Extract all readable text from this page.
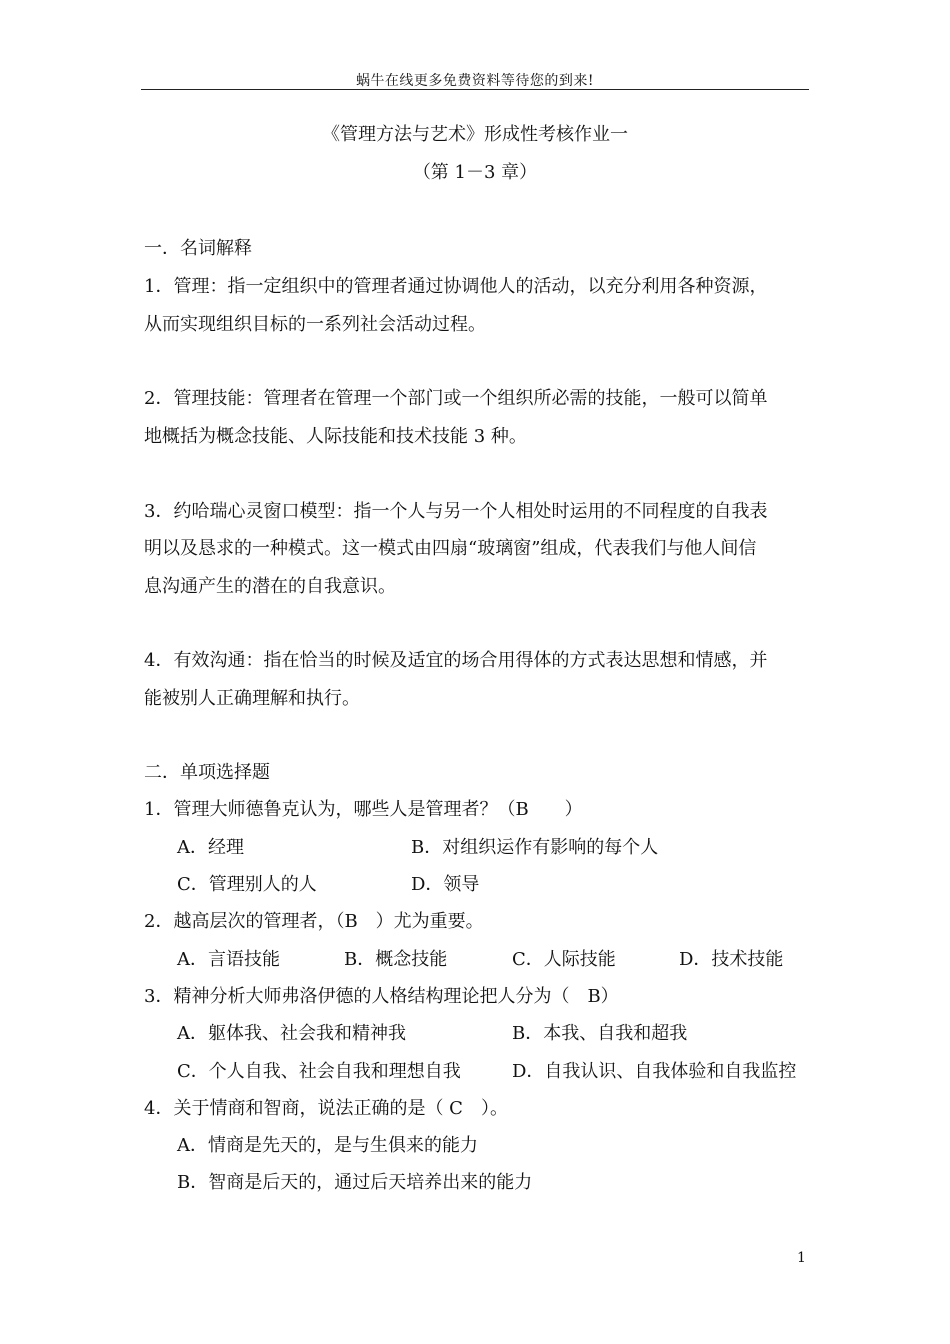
蜗牛在线更多免费资料等待您的到来!
《管理方法与艺术》形成性考核作业一
（第 1－3 章）
一．名词解释
1．管理：指一定组织中的管理者通过协调他人的活动，以充分利用各种资源，
从而实现组织目标的一系列社会活动过程。
2．管理技能：管理者在管理一个部门或一个组织所必需的技能，一般可以简单
地概括为概念技能、人际技能和技术技能 3 种。
3．约哈瑞心灵窗口模型：指一个人与另一个人相处时运用的不同程度的自我表
明以及恳求的一种模式。这一模式由四扇“玻璃窗”组成，代表我们与他人间信
息沟通产生的潜在的自我意识。
4．有效沟通：指在恰当的时候及适宜的场合用得体的方式表达思想和情感，并
能被别人正确理解和执行。
二．单项选择题
1．管理大师德鲁克认为，哪些人是管理者？（B　　）
A．经理	B．对组织运作有影响的每个人
C．管理别人的人	D．领导
2．越高层次的管理者，（B　）尤为重要。
A．言语技能	B．概念技能	C．人际技能	D．技术技能
3．精神分析大师弗洛伊德的人格结构理论把人分为（　B）
A．躯体我、社会我和精神我	B．本我、自我和超我
C．个人自我、社会自我和理想自我	D．自我认识、自我体验和自我监控
4．关于情商和智商，说法正确的是（ C　）。
A．情商是先天的，是与生俱来的能力
B．智商是后天的，通过后天培养出来的能力
1
